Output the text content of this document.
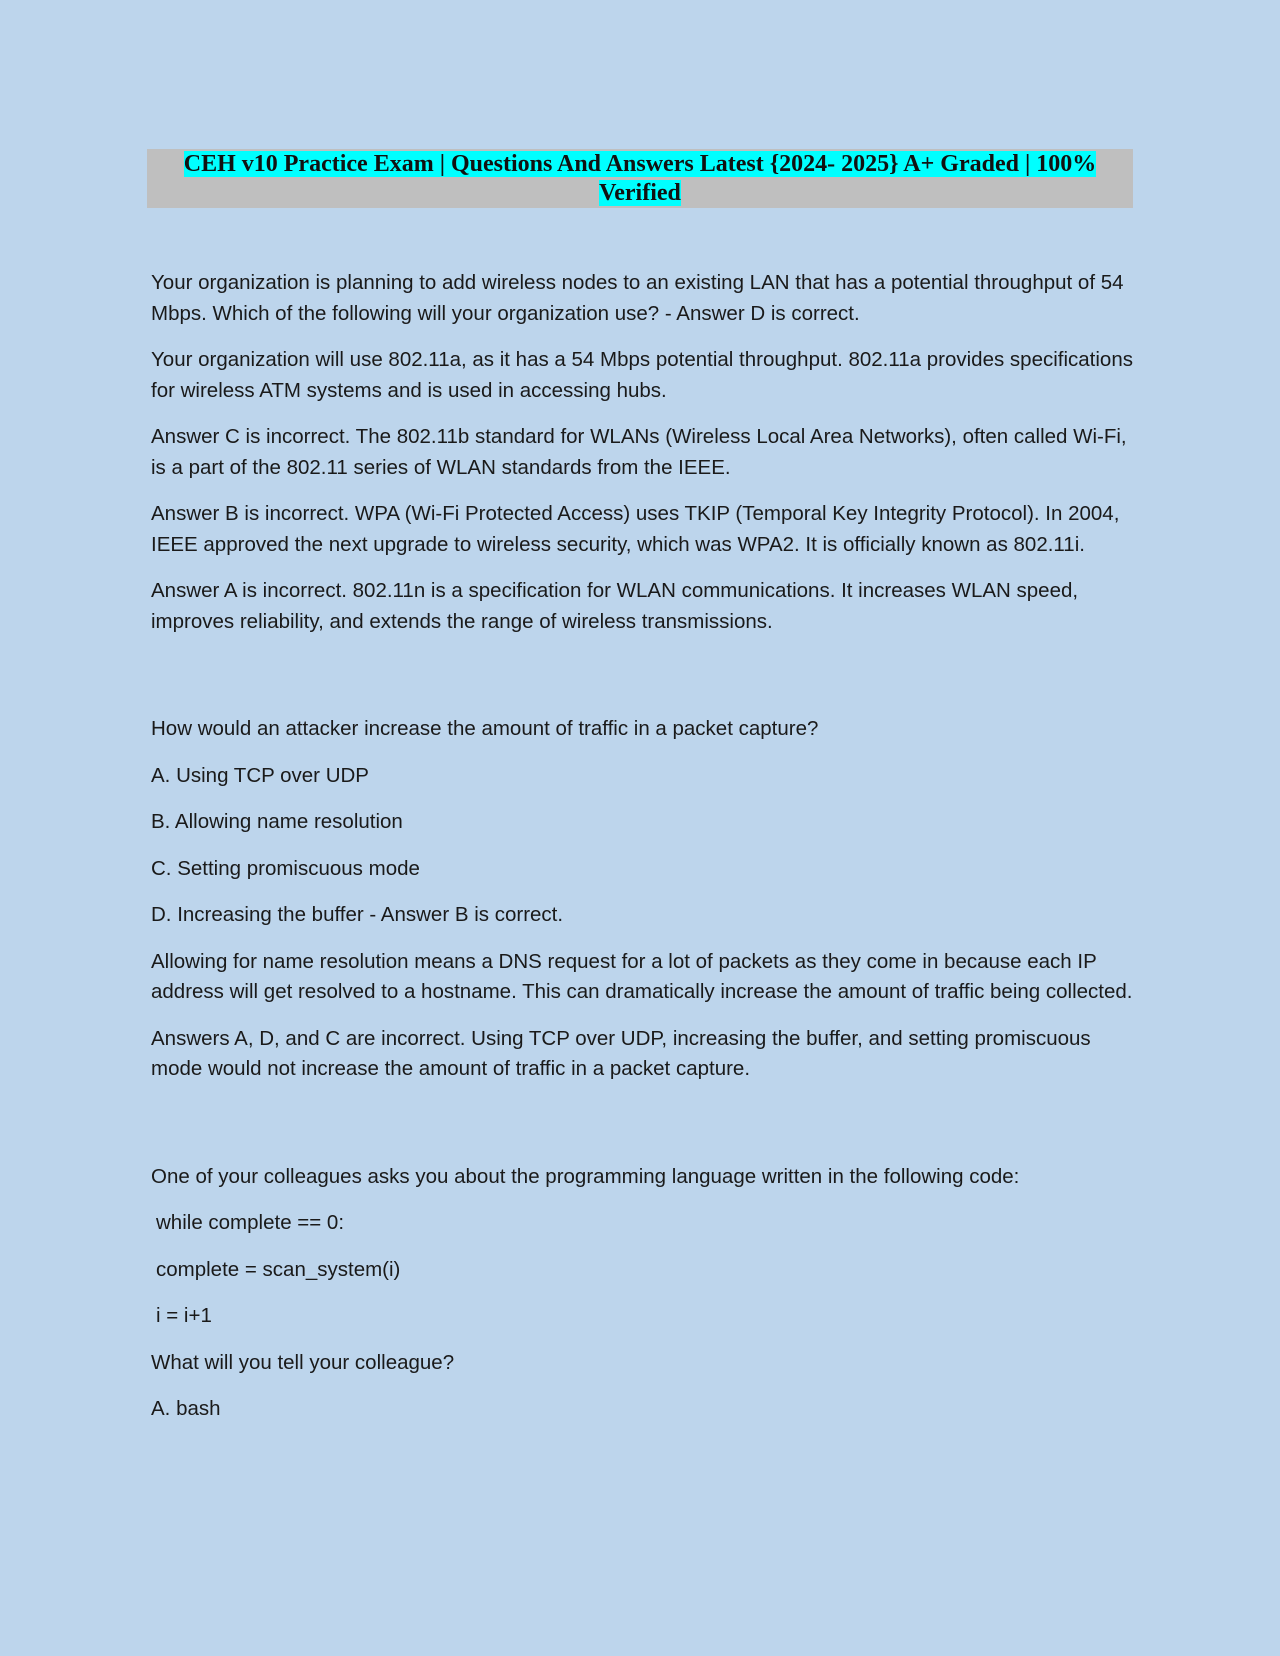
CEH v10 Practice Exam | Questions And Answers Latest {2024- 2025} A+ Graded | 100%
Verified

Your organization is planning to add wireless nodes to an existing LAN that has a potential throughput of 54 Mbps. Which of the following will your organization use? - Answer D is correct.

Your organization will use 802.11a, as it has a 54 Mbps potential throughput. 802.11a provides specifications for wireless ATM systems and is used in accessing hubs.

Answer C is incorrect. The 802.11b standard for WLANs (Wireless Local Area Networks), often called Wi-Fi, is a part of the 802.11 series of WLAN standards from the IEEE.

Answer B is incorrect. WPA (Wi-Fi Protected Access) uses TKIP (Temporal Key Integrity Protocol). In 2004, IEEE approved the next upgrade to wireless security, which was WPA2. It is officially known as 802.11i.

Answer A is incorrect. 802.11n is a specification for WLAN communications. It increases WLAN speed, improves reliability, and extends the range of wireless transmissions.

How would an attacker increase the amount of traffic in a packet capture?

A. Using TCP over UDP

B. Allowing name resolution

C. Setting promiscuous mode

D. Increasing the buffer - Answer B is correct.

Allowing for name resolution means a DNS request for a lot of packets as they come in because each IP address will get resolved to a hostname. This can dramatically increase the amount of traffic being collected.

Answers A, D, and C are incorrect. Using TCP over UDP, increasing the buffer, and setting promiscuous mode would not increase the amount of traffic in a packet capture.

One of your colleagues asks you about the programming language written in the following code:

while complete == 0:

complete = scan_system(i)

i = i+1

What will you tell your colleague?

A. bash
